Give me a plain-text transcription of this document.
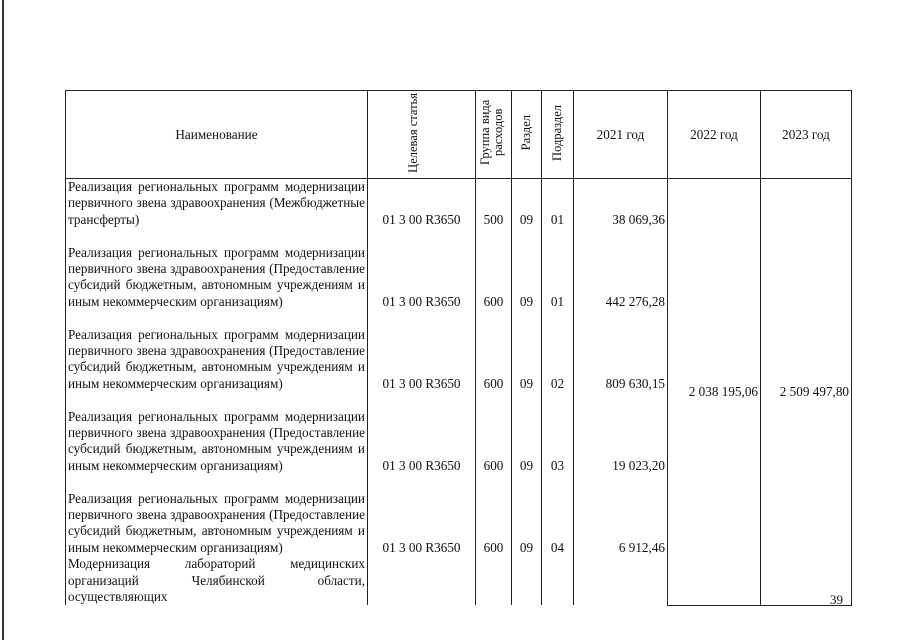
Наименование	Целевая статья	Группа вида расходов	Раздел	Подраздел	2021 год	2022 год	2023 год
Реализация региональных программ модернизации первичного звена здравоохранения (Межбюджетные трансферты)	01 3 00 R3650	500	09	01	38 069,36	2 038 195,06	2 509 497,80

Реализация региональных программ модернизации первичного звена здравоохранения (Предоставление субсидий бюджетным, автономным учреждениям и иным некоммерческим организациям)	01 3 00 R3650	600	09	01	442 276,28		
Реализация региональных программ модернизации первичного звена здравоохранения (Предоставление субсидий бюджетным, автономным учреждениям и иным некоммерческим организациям)	01 3 00 R3650	600	09	02	809 630,15		
Реализация региональных программ модернизации первичного звена здравоохранения (Предоставление субсидий бюджетным, автономным учреждениям и иным некоммерческим организациям)	01 3 00 R3650	600	09	03	19 023,20		
Реализация региональных программ модернизации первичного звена здравоохранения (Предоставление субсидий бюджетным, автономным учреждениям и иным некоммерческим организациям)	01 3 00 R3650	600	09	04	6 912,46		
Модернизация лабораторий медицинских организаций Челябинской области, осуществляющих								39
